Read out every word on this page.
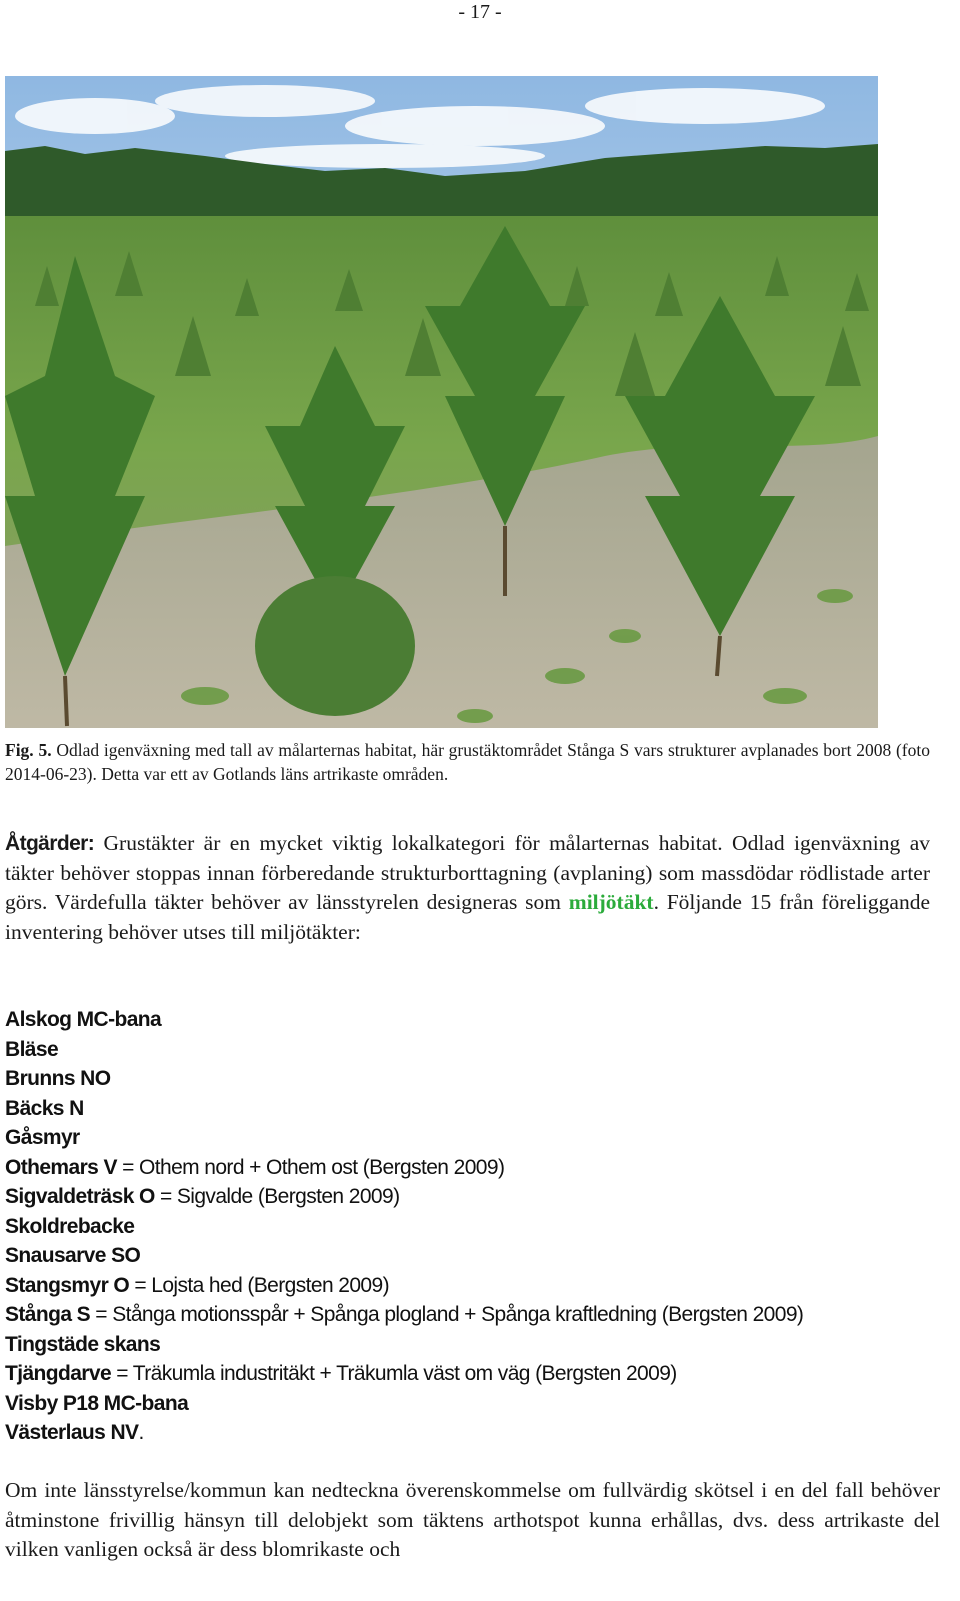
- 17 -
Fig. 5. Odlad igenväxning med tall av målarternas habitat, här grustäktområdet Stånga S vars strukturer avplanades bort 2008 (foto 2014-06-23). Detta var ett av Gotlands läns artrikaste områden.
Åtgärder: Grustäkter är en mycket viktig lokalkategori för målarternas habitat. Odlad igenväxning av täkter behöver stoppas innan förberedande strukturborttagning (avplaning) som massdödar rödlistade arter görs. Värdefulla täkter behöver av länsstyrelen designeras som miljötäkt. Följande 15 från föreliggande inventering behöver utses till miljötäkter:
Alskog MC-bana
Bläse
Brunns NO
Bäcks N
Gåsmyr
Othemars V = Othem nord + Othem ost (Bergsten 2009)
Sigvaldeträsk O = Sigvalde (Bergsten 2009)
Skoldrebacke
Snausarve SO
Stangsmyr O = Lojsta hed (Bergsten 2009)
Stånga S = Stånga motionsspår + Spånga plogland + Spånga kraftledning (Bergsten 2009)
Tingstäde skans
Tjängdarve = Träkumla industritäkt + Träkumla väst om väg (Bergsten 2009)
Visby P18 MC-bana
Västerlaus NV.
Om inte länsstyrelse/kommun kan nedteckna överenskommelse om fullvärdig skötsel i en del fall behöver åtminstone frivillig hänsyn till delobjekt som täktens arthotspot kunna erhållas, dvs. dess artrikaste del vilken vanligen också är dess blomrikaste och
